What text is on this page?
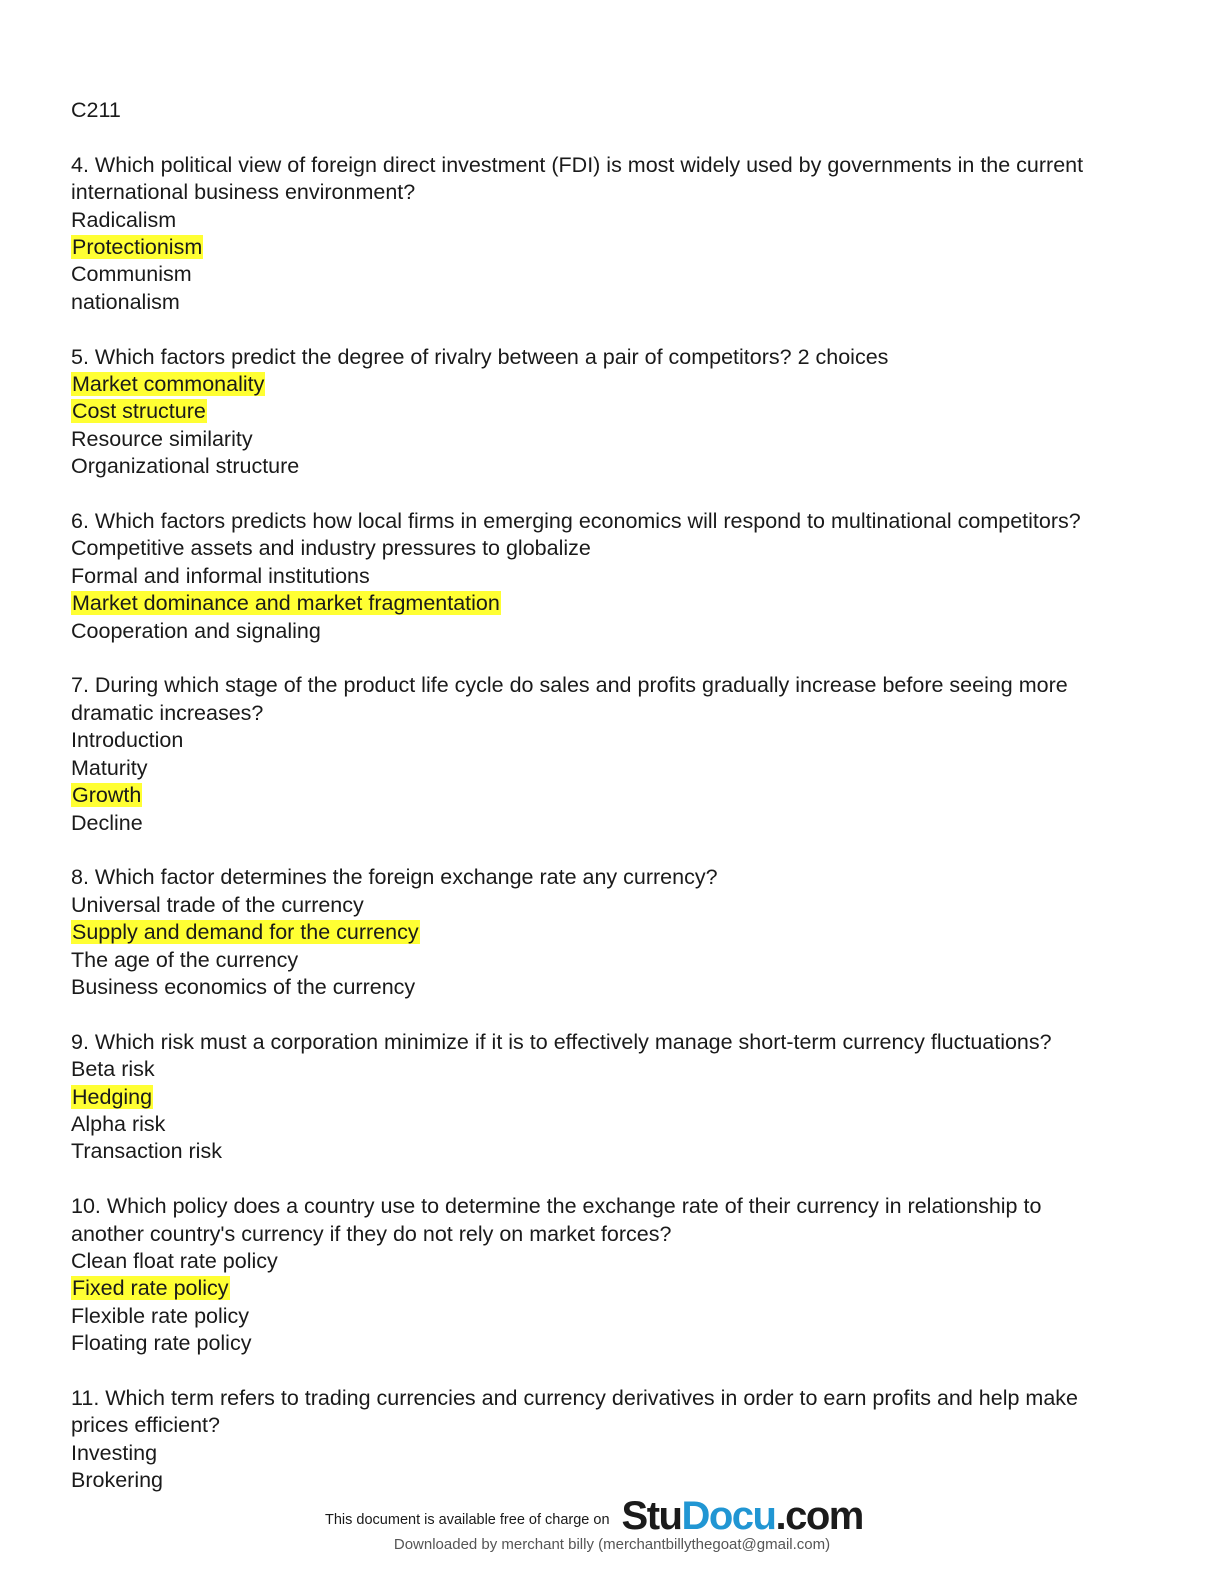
C211
4. Which political view of foreign direct investment (FDI) is most widely used by governments in the current
international business environment?
Radicalism
Protectionism
Communism
nationalism
5. Which factors predict the degree of rivalry between a pair of competitors? 2 choices
Market commonality
Cost structure
Resource similarity
Organizational structure
6. Which factors predicts how local firms in emerging economics will respond to multinational competitors?
Competitive assets and industry pressures to globalize
Formal and informal institutions
Market dominance and market fragmentation
Cooperation and signaling
7. During which stage of the product life cycle do sales and profits gradually increase before seeing more
dramatic increases?
Introduction
Maturity
Growth
Decline
8. Which factor determines the foreign exchange rate any currency?
Universal trade of the currency
Supply and demand for the currency
The age of the currency
Business economics of the currency
9. Which risk must a corporation minimize if it is to effectively manage short-term currency fluctuations?
Beta risk
Hedging
Alpha risk
Transaction risk
10. Which policy does a country use to determine the exchange rate of their currency in relationship to
another country's currency if they do not rely on market forces?
Clean float rate policy
Fixed rate policy
Flexible rate policy
Floating rate policy
11. Which term refers to trading currencies and currency derivatives in order to earn profits and help make
prices efficient?
Investing
Brokering
This document is available free of charge on StuDocu.com
Downloaded by merchant billy (merchantbillythegoat@gmail.com)
